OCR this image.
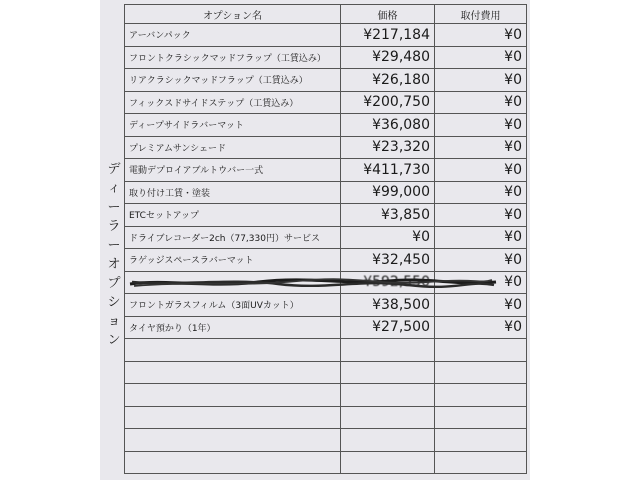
デ
ィ
ー
ラ
ー
オ
プ
シ
ョ
ン
オプション名	価格	取付費用
アーバンパック	¥217,184	¥0
フロントクラシックマッドフラップ（工賃込み）	¥29,480	¥0
リアクラシックマッドフラップ（工賃込み）	¥26,180	¥0
フィックスドサイドステップ（工賃込み）	¥200,750	¥0
ディープサイドラバーマット	¥36,080	¥0
プレミアムサンシェード	¥23,320	¥0
電動デプロイアブルトウバー一式	¥411,730	¥0
取り付け工賃・塗装	¥99,000	¥0
ETCセットアップ	¥3,850	¥0
ドライブレコーダー2ch（77,330円）サービス	¥0	¥0
ラゲッジスペースラバーマット	¥32,450	¥0
	¥592,550	¥0
フロントガラスフィルム（3面UVカット）	¥38,500	¥0
タイヤ預かり（1年）	¥27,500	¥0
